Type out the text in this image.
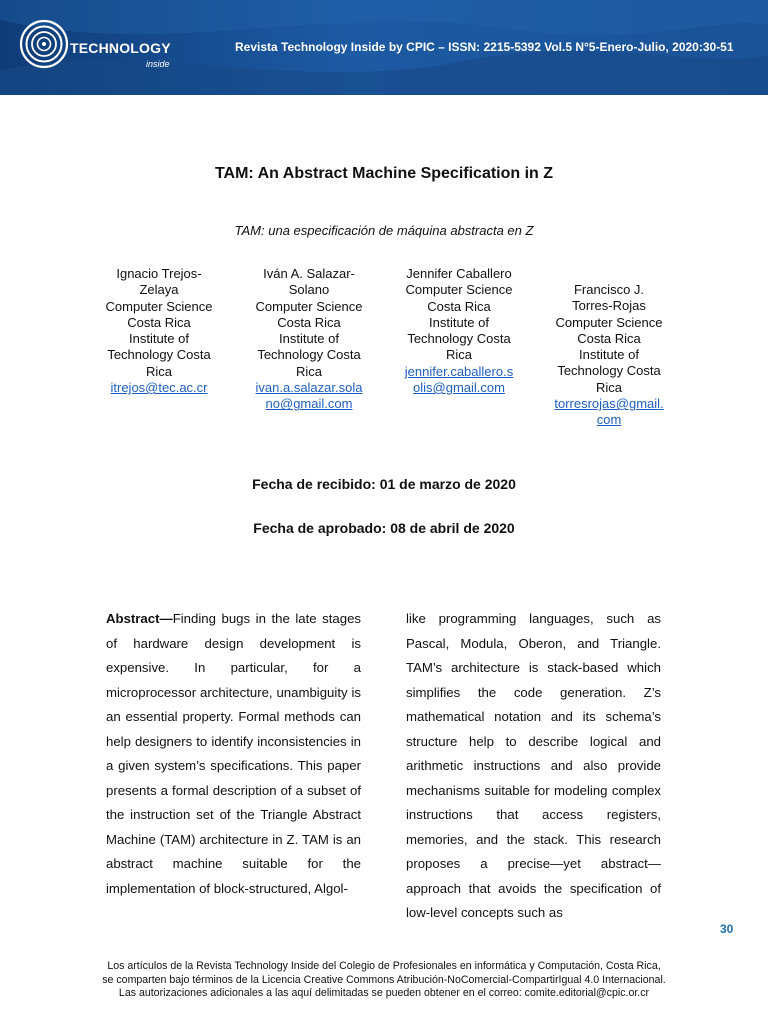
TECHNOLOGY
inside
Revista Technology Inside by CPIC – ISSN: 2215-5392 Vol.5 N°5-Enero-Julio, 2020:30-51
TAM: An Abstract Machine Specification in Z
TAM: una especificación de máquina abstracta en Z
Ignacio Trejos-Zelaya
Computer Science Costa Rica Institute of Technology Costa Rica
itrejos@tec.ac.cr
Iván A. Salazar-Solano
Computer Science Costa Rica Institute of Technology Costa Rica
ivan.a.salazar.solano@gmail.com
Jennifer Caballero
Computer Science Costa Rica Institute of Technology Costa Rica
jennifer.caballero.solis@gmail.com
Francisco J. Torres-Rojas
Computer Science Costa Rica Institute of Technology Costa Rica
torresrojas@gmail.com
Fecha de recibido: 01 de marzo de 2020
Fecha de aprobado: 08 de abril de 2020
Abstract—Finding bugs in the late stages of hardware design development is expensive. In particular, for a microprocessor architecture, unambiguity is an essential property. Formal methods can help designers to identify inconsistencies in a given system’s specifications. This paper presents a formal description of a subset of the instruction set of the Triangle Abstract Machine (TAM) architecture in Z. TAM is an abstract machine suitable for the implementation of block-structured, Algol-
like programming languages, such as Pascal, Modula, Oberon, and Triangle. TAM’s architecture is stack-based which simplifies the code generation. Z’s mathematical notation and its schema’s structure help to describe logical and arithmetic instructions and also provide mechanisms suitable for modeling complex instructions that access registers, memories, and the stack. This research proposes a precise—yet abstract—approach that avoids the specification of low-level concepts such as
30
Los artículos de la Revista Technology Inside del Colegio de Profesionales en informática y Computación, Costa Rica,
se comparten bajo términos de la Licencia Creative Commons Atribución-NoComercial-CompartirIgual 4.0 Internacional.
Las autorizaciones adicionales a las aquí delimitadas se pueden obtener en el correo: comite.editorial@cpic.or.cr
